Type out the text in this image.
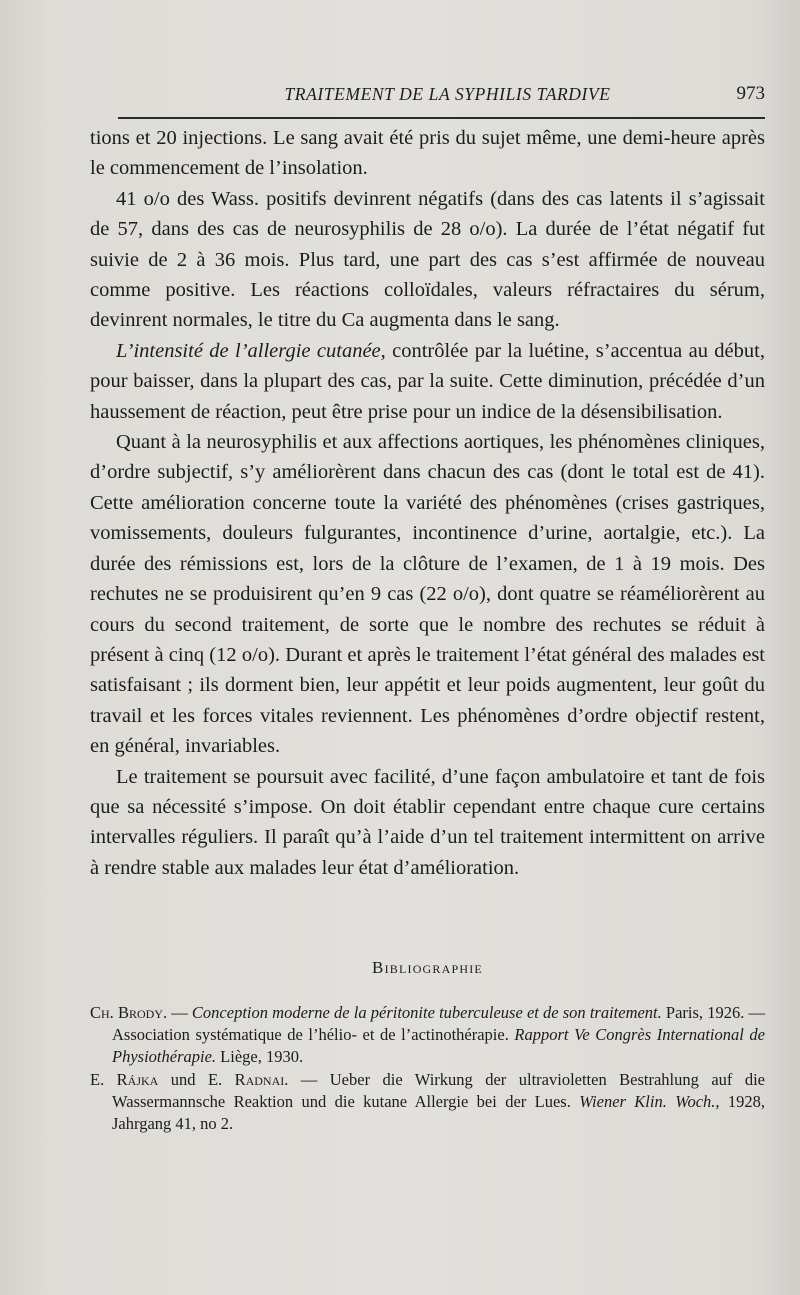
TRAITEMENT DE LA SYPHILIS TARDIVE	973

tions et 20 injections. Le sang avait été pris du sujet même, une demi-heure après le commencement de l’insolation.

41 o/o des Wass. positifs devinrent négatifs (dans des cas latents il s’agissait de 57, dans des cas de neurosyphilis de 28 o/o). La durée de l’état négatif fut suivie de 2 à 36 mois. Plus tard, une part des cas s’est affirmée de nouveau comme positive. Les réactions colloïdales, valeurs réfractaires du sérum, devinrent normales, le titre du Ca augmenta dans le sang.

L’intensité de l’allergie cutanée, contrôlée par la luétine, s’accentua au début, pour baisser, dans la plupart des cas, par la suite. Cette diminution, précédée d’un haussement de réaction, peut être prise pour un indice de la désensibilisation.

Quant à la neurosyphilis et aux affections aortiques, les phénomènes cliniques, d’ordre subjectif, s’y améliorèrent dans chacun des cas (dont le total est de 41). Cette amélioration concerne toute la variété des phénomènes (crises gastriques, vomissements, douleurs fulgurantes, incontinence d’urine, aortalgie, etc.). La durée des rémissions est, lors de la clôture de l’examen, de 1 à 19 mois. Des rechutes ne se produisirent qu’en 9 cas (22 o/o), dont quatre se réaméliorèrent au cours du second traitement, de sorte que le nombre des rechutes se réduit à présent à cinq (12 o/o). Durant et après le traitement l’état général des malades est satisfaisant ; ils dorment bien, leur appétit et leur poids augmentent, leur goût du travail et les forces vitales reviennent. Les phénomènes d’ordre objectif restent, en général, invariables.

Le traitement se poursuit avec facilité, d’une façon ambulatoire et tant de fois que sa nécessité s’impose. On doit établir cependant entre chaque cure certains intervalles réguliers. Il paraît qu’à l’aide d’un tel traitement intermittent on arrive à rendre stable aux malades leur état d’amélioration.

Bibliographie

Ch. Brody. — Conception moderne de la péritonite tuberculeuse et de son traitement. Paris, 1926. — Association systématique de l’hélio- et de l’actinothérapie. Rapport Ve Congrès International de Physiothérapie. Liège, 1930.

E. Rájka und E. Radnai. — Ueber die Wirkung der ultravioletten Bestrahlung auf die Wassermannsche Reaktion und die kutane Allergie bei der Lues. Wiener Klin. Woch., 1928, Jahrgang 41, no 2.
